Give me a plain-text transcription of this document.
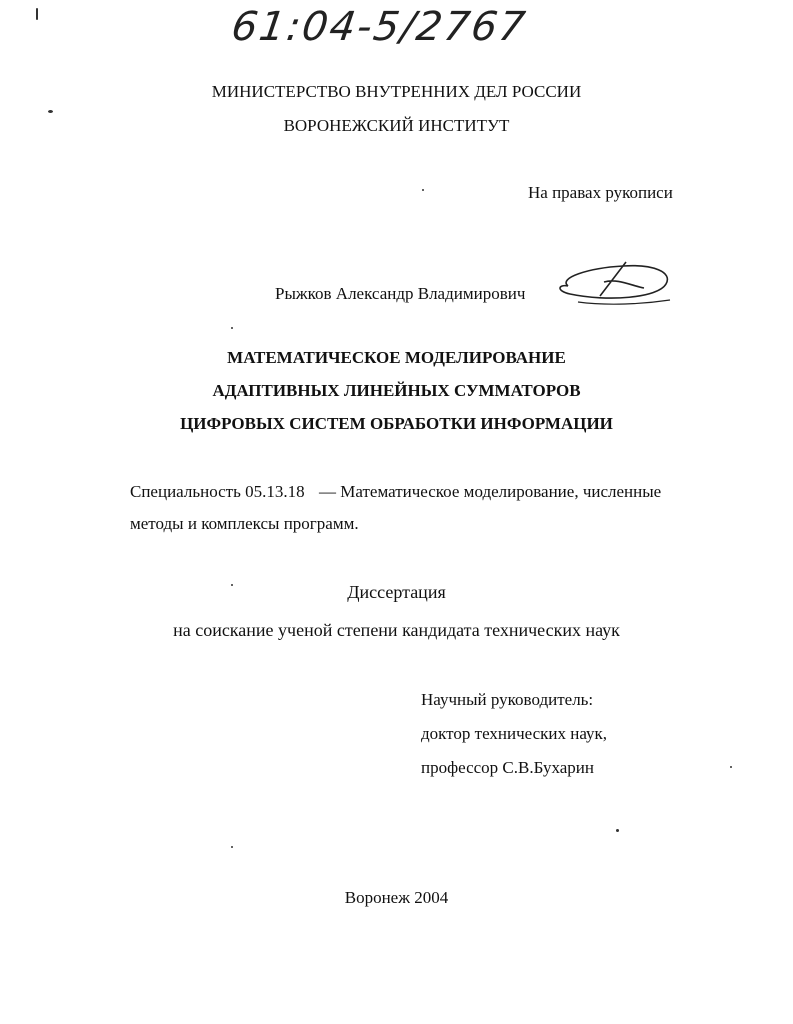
61:04-5/2767
МИНИСТЕРСТВО ВНУТРЕННИХ ДЕЛ РОССИИ
ВОРОНЕЖСКИЙ ИНСТИТУТ
На правах рукописи
Рыжков Александр Владимирович
МАТЕМАТИЧЕСКОЕ МОДЕЛИРОВАНИЕ
АДАПТИВНЫХ ЛИНЕЙНЫХ СУММАТОРОВ
ЦИФРОВЫХ СИСТЕМ ОБРАБОТКИ ИНФОРМАЦИИ
Специальность 05.13.18 — Математическое моделирование, численные
методы и комплексы программ.
Диссертация
на соискание ученой степени кандидата технических наук
Научный руководитель:
доктор технических наук,
профессор С.В.Бухарин
Воронеж 2004
